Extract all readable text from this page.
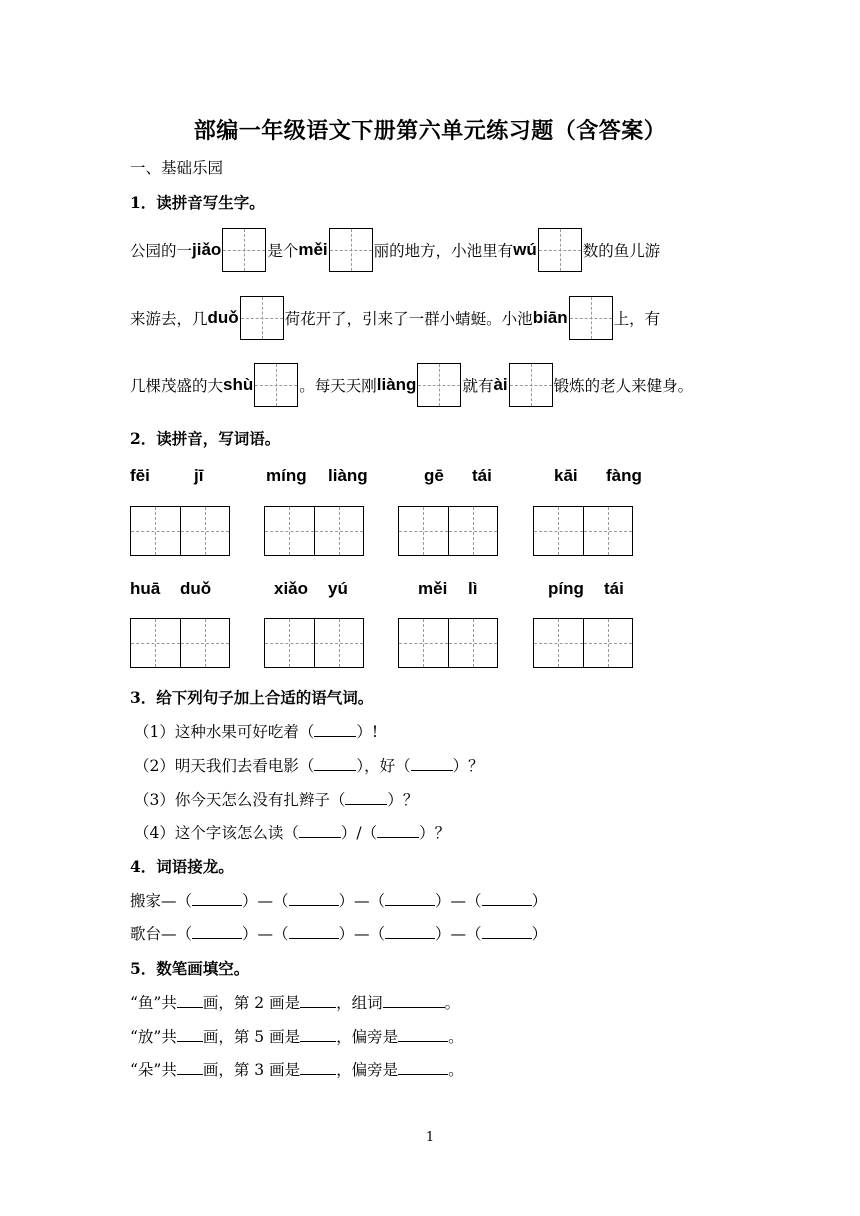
部编一年级语文下册第六单元练习题（含答案）
一、基础乐园
1．读拼音写生字。
公园的一 jiǎo	是个 měi	丽的地方，小池里有 wú	数的鱼儿游
来游去，几 duǒ	荷花开了，引来了一群小蜻蜓。小池 biān	上，有
几棵茂盛的大 shù	。每天天刚 liàng	就有 ài	锻炼的老人来健身。
2．读拼音，写词语。
fēi	jī	míng liàng	gē tái	kāi fàng
huā duǒ	xiǎo yú	měi lì	píng tái
3．给下列句子加上合适的语气词。
（1）这种水果可好吃着（	）!
（2）明天我们去看电影（	），好（	）？
（3）你今天怎么没有扎辫子（	）？
（4）这个字该怎么读（	）/（	）？
4．词语接龙。
搬家—（	）—（	）—（	）—（	）
歌台—（	）—（	）—（	）—（	）
5．数笔画填空。
“鱼”共 画，第 2 画是 ，组词	。
“放”共 画，第 5 画是 ，偏旁是	。
“朵”共 画，第 3 画是 ，偏旁是	。
1
